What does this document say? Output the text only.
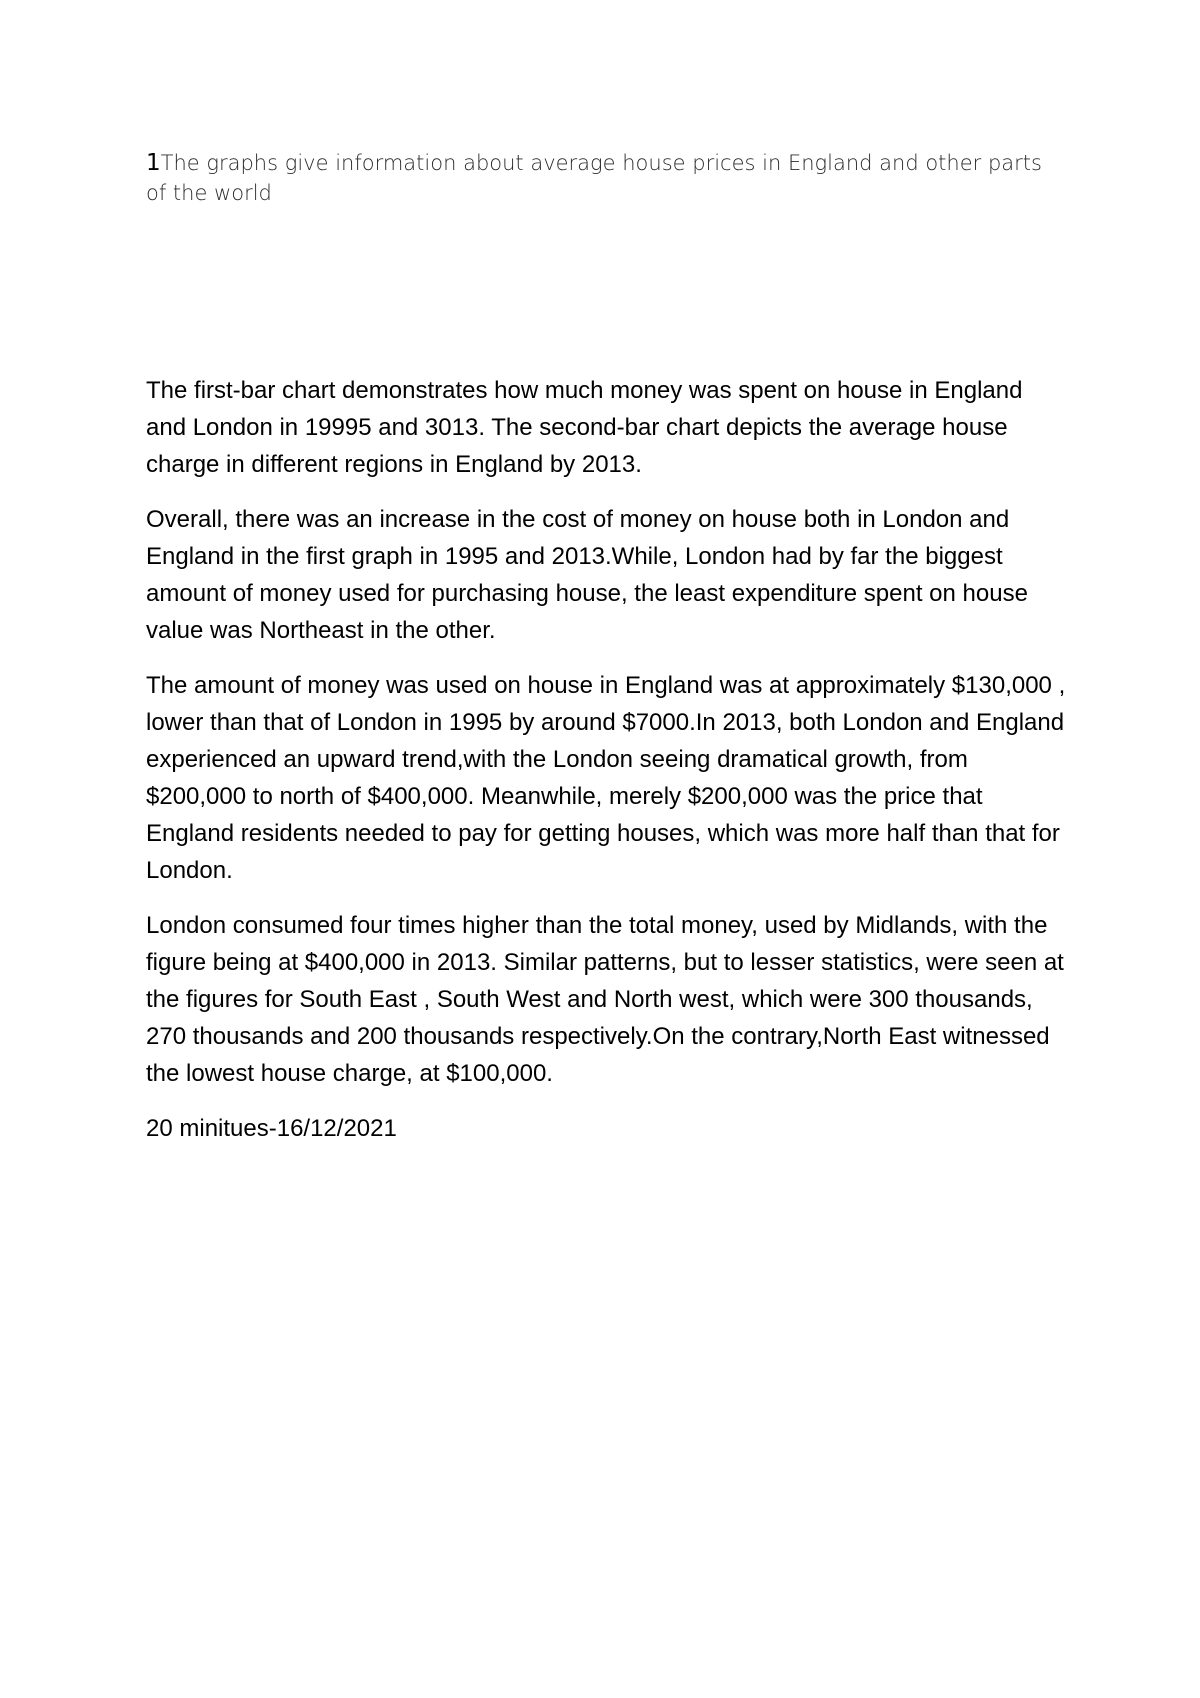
1The graphs give information about average house prices in England and other parts of the world

The first-bar chart demonstrates how much money was spent on house in England and London in 19995 and 3013. The second-bar chart depicts the average house charge in different regions in England by 2013.

Overall, there was an increase in the cost of money on house both in London and England in the first graph in 1995 and 2013.While, London had by far the biggest amount of money used for purchasing house, the least expenditure spent on house value was Northeast in the other.

The amount of money was used on house in England was at approximately $130,000 , lower than that of London in 1995 by around $7000.In 2013, both London and England experienced an upward trend,with the London seeing dramatical growth, from $200,000 to north of $400,000. Meanwhile, merely $200,000 was the price that England residents needed to pay for getting houses, which was more half than that for London.

London consumed four times higher than the total money, used by Midlands, with the figure being at $400,000 in 2013. Similar patterns, but to lesser statistics, were seen at the figures for South East , South West and North west, which were 300 thousands, 270 thousands and 200 thousands respectively.On the contrary,North East witnessed the lowest house charge, at $100,000.

20 minitues-16/12/2021
